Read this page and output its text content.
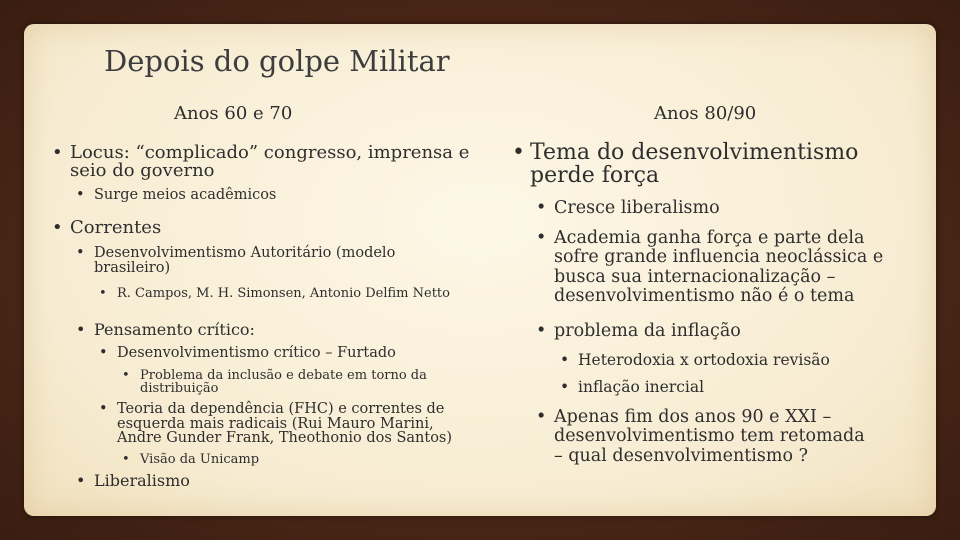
Depois do golpe Militar
Anos 60 e 70	Anos 80/90
• Locus: “complicado” congresso, imprensa e seio do governo
• Surge meios acadêmicos
• Correntes
• Desenvolvimentismo Autoritário (modelo brasileiro)
• R. Campos, M. H. Simonsen, Antonio Delfim Netto
• Pensamento crítico:
• Desenvolvimentismo crítico – Furtado
• Problema da inclusão e debate em torno da distribuição
• Teoria da dependência (FHC) e correntes de esquerda mais radicais (Rui Mauro Marini, Andre Gunder Frank, Theothonio dos Santos)
• Visão da Unicamp
• Liberalismo
• Tema do desenvolvimentismo perde força
• Cresce liberalismo
• Academia ganha força e parte dela sofre grande influencia neoclássica e busca sua internacionalização – desenvolvimentismo não é o tema
• problema da inflação
• Heterodoxia x ortodoxia revisão
• inflação inercial
• Apenas fim dos anos 90 e XXI – desenvolvimentismo tem retomada – qual desenvolvimentismo ?
